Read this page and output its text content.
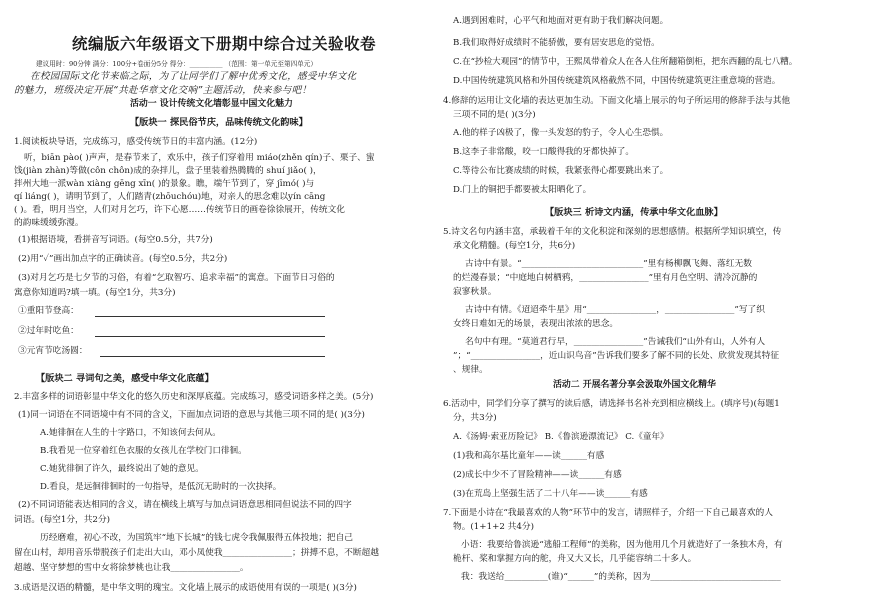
统编版六年级语文下册期中综合过关验收卷
建议用时：90分钟 满分：100分+卷面分5分 得分：__________ （范围：第一单元至第四单元）
在校园国际文化节来临之际，为了让同学们了解中优秀文化，感受中华文化
的魅力，班级决定开展“共赴华章文化交响”主题活动，快来参与吧！
活动一 设计传统文化墙彰显中国文化魅力
【版块一 探民俗节庆，品味传统文化韵味】
1.阅读板块导语，完成练习，感受传统节日的丰富内涵。(12分)
听，biān pào( )声声，是春节来了，欢乐中，孩子们穿着用 miáo(zhěn qín)子、栗子、蜜
饯(jiàn zhàn)等做(côn chôn)成的杂拌儿，盘子里装着热腾腾的 shuí jiǎo( )，
拌州大地一派wàn xiàng gēng xīn( )的景象。瞧，端午节到了，穿 jīmó( )与
qí liáng( )，请明节到了，人们踏青(zhōuchóu)地，对亲人的思念难以yín cāng
( )。看，明月当空，人们对月乞巧，许下心愿……传统节日的画卷徐徐展开，传统文化
的韵味缓缓弥漫。
(1)根据语境，看拼音写词语。(每空0.5分，共7分)
(2)用“✓”画出加点字的正确读音。(每空0.5分，共2分)
(3)对月乞巧是七夕节的习俗，有着“乞取智巧、追求幸福”的寓意。下面节日习俗的
寓意你知道吗?填一填。(每空1分，共3分)
①重阳节登高：
②过年时吃鱼：
③元宵节吃汤圆：
【版块二 寻词句之美，感受中华文化底蕴】
2.丰富多样的词语彰显中华文化的悠久历史和深厚底蕴。完成练习，感受词语多样之美。(5分)
(1)同一词语在不同语境中有不同的含义，下面加点词语的意思与其他三项不同的是( )(3分)
A.她徘徊在人生的十字路口，不知该何去何从。
B.我看见一位穿着红色衣服的女孩儿在学校门口徘徊。
C.她犹徘徊了许久，最终说出了她的意见。
D.看良，是远徊徘徊时的一句指导，是低沉无助时的一次抉择。
(2)不同词语能表达相同的含义，请在横线上填写与加点词语意思相同但说法不同的四字
词语。(每空1分，共2分)
历经磨难，初心不改，为国筑牢“地下长城”的钱七虎令我佩服得五体投地；把自己
留在山村，却用音乐带脱孩子们走出大山，邓小凤使我________________；拼搏不息，不断超越
超越、坚守梦想的雪中女将徐梦桃也让我________________。
3.成语是汉语的精髓，是中华文明的瑰宝。文化墙上展示的成语使用有误的一项是( )(3分)
A.遇到困难时，心平气和地面对更有助于我们解决问题。
B.我们取得好成绩时不能骄傲，要有居安思危的觉悟。
C.在“抄检大观园”的情节中，王熙凤带着众人在各人住所翻箱倒柜，把东西翻的乱七八糟。
D.中国传统建筑风格和外国传统建筑风格截然不同，中国传统建筑更注重意境的营造。
4.修辞的运用让文化墙的表达更加生动。下面文化墙上展示的句子所运用的修辞手法与其他
三项不同的是( )(3分)
A.他的样子凶极了，像一头发怒的豹子，令人心生恐惧。
B.这李子非常酸，咬一口酸得我的牙都快掉了。
C.等待公布比赛成绩的时候，我紧张得心都要跳出来了。
D.门上的铜把手都要被太阳晒化了。
【版块三 析诗文内涵，传承中华文化血脉】
5.诗文名句内涵丰富，承载着千年的文化积淀和深刻的思想感情。根据所学知识填空，传
承文化精髓。(每空1分，共6分)
古诗中有景。“____________________________”里有杨柳飘飞舞、落红无数
的烂漫春景；“中庭地白树栖鸦，________________”里有月色空明、清冷沉静的
寂寥秋景。
古诗中有情。《迢迢牵牛星》用“________________，________________”写了织
女终日难如无的场景，表现出浓浓的思念。
名句中有理。“莫道君行早，________________”告诫我们“山外有山，人外有人
”；“________________，近山识鸟音”告诉我们要多了解不同的长处、欣赏发现其特征
、规律。
活动二 开展名著分享会汲取外国文化精华
6.活动中，同学们分享了撰写的读后感，请选择书名补充到相应横线上。(填序号)(每题1
分，共3分)
A.《汤姆·索亚历险记》 B.《鲁滨逊漂流记》 C.《童年》
(1)我和高尔基比童年——读______有感
(2)成长中少不了冒险精神——读______有感
(3)在荒岛上坚强生活了二十八年——读______有感
7.下面是小诗在“我最喜欢的人物”环节中的发言，请照样子，介绍一下自己最喜欢的人
物。(1+1+2 共4分)
小语：我要给鲁滨逊“逃船工程师”的美称，因为他用几个月就造好了一条独木舟，有
桅杆、桨和掌握方向的舵，舟又大又长，几乎能容纳二十多人。
我：我送给__________(谁)“______”的美称，因为______________________________
